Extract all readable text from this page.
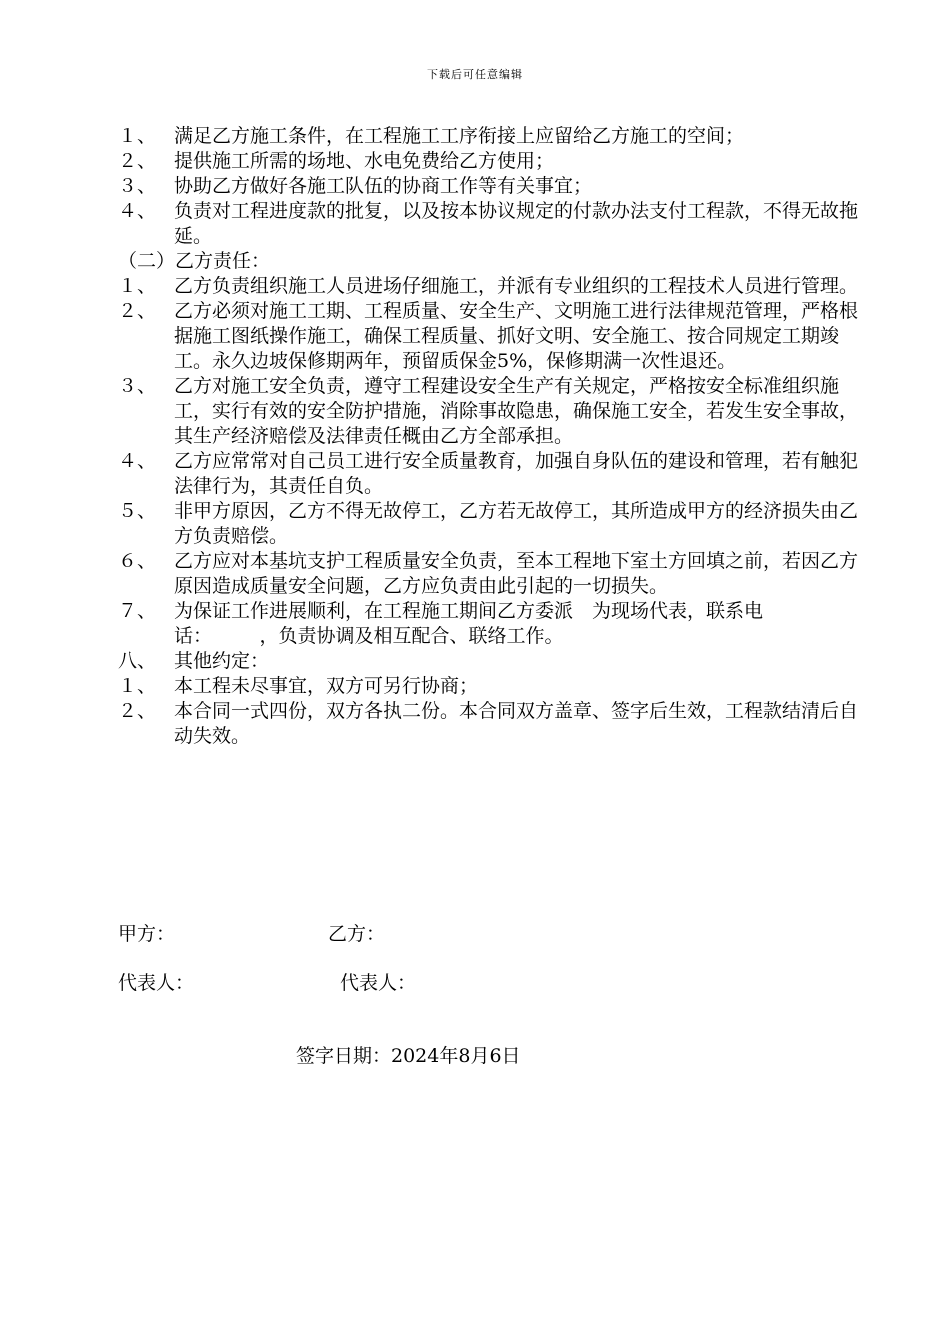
下载后可任意编辑
１、 满足乙方施工条件，在工程施工工序衔接上应留给乙方施工的空间；
２、 提供施工所需的场地、水电免费给乙方使用；
３、 协助乙方做好各施工队伍的协商工作等有关事宜；
４、 负责对工程进度款的批复，以及按本协议规定的付款办法支付工程款，不得无故拖延。
（二）乙方责任：
１、 乙方负责组织施工人员进场仔细施工，并派有专业组织的工程技术人员进行管理。
２、 乙方必须对施工工期、工程质量、安全生产、文明施工进行法律规范管理，严格根据施工图纸操作施工，确保工程质量、抓好文明、安全施工、按合同规定工期竣工。永久边坡保修期两年，预留质保金5%，保修期满一次性退还。
３、 乙方对施工安全负责，遵守工程建设安全生产有关规定，严格按安全标准组织施工，实行有效的安全防护措施，消除事故隐患，确保施工安全，若发生安全事故，其生产经济赔偿及法律责任概由乙方全部承担。
４、 乙方应常常对自己员工进行安全质量教育，加强自身队伍的建设和管理，若有触犯法律行为，其责任自负。
５、 非甲方原因，乙方不得无故停工，乙方若无故停工，其所造成甲方的经济损失由乙方负责赔偿。
６、 乙方应对本基坑支护工程质量安全负责，至本工程地下室土方回填之前，若因乙方原因造成质量安全问题，乙方应负责由此引起的一切损失。
７、 为保证工作进展顺利，在工程施工期间乙方委派　为现场代表，联系电话：　　　，负责协调及相互配合、联络工作。
八、 其他约定：
１、 本工程未尽事宜，双方可另行协商；
２、 本合同一式四份，双方各执二份。本合同双方盖章、签字后生效，工程款结清后自动失效。
甲方：	乙方：
代表人：	代表人：
签字日期：2024年8月6日
